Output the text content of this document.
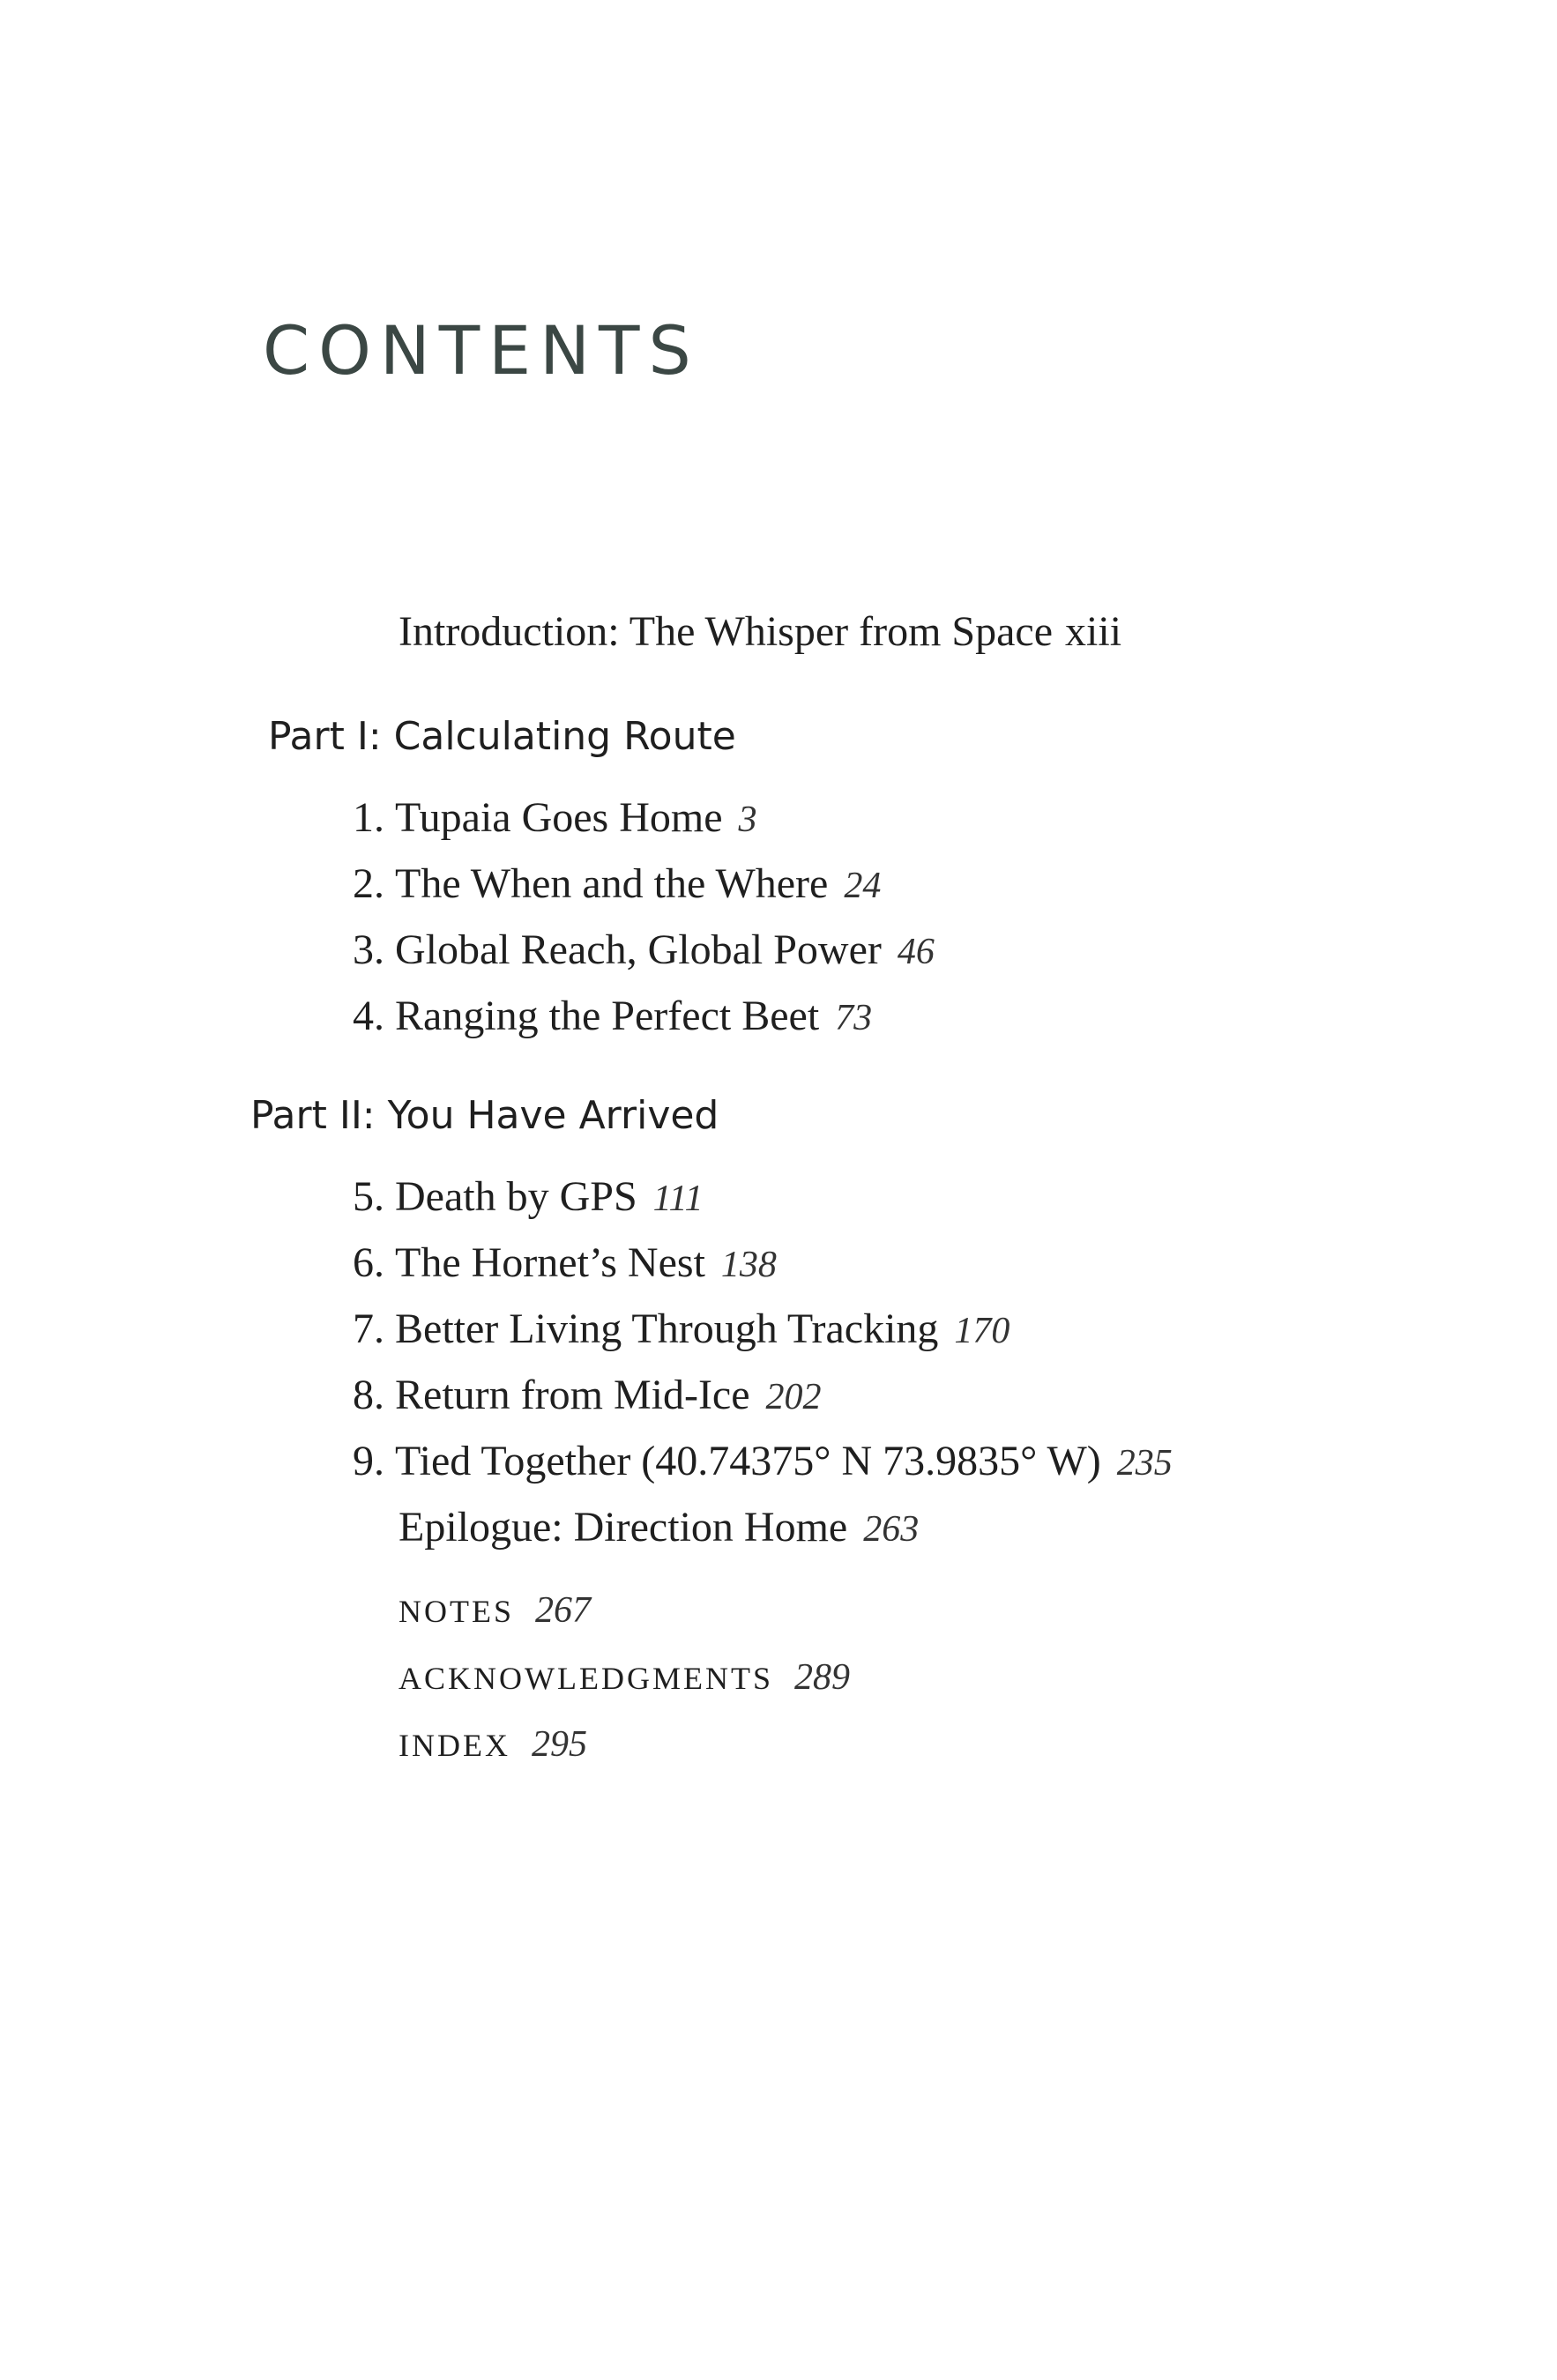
CONTENTS
Introduction: The Whisper from Space xiii
Part I: Calculating Route
1. Tupaia Goes Home 3
2. The When and the Where 24
3. Global Reach, Global Power 46
4. Ranging the Perfect Beet 73
Part II: You Have Arrived
5. Death by GPS 111
6. The Hornet’s Nest 138
7. Better Living Through Tracking 170
8. Return from Mid-Ice 202
9. Tied Together (40.74375° N 73.9835° W) 235
Epilogue: Direction Home 263
NOTES 267
ACKNOWLEDGMENTS 289
INDEX 295
